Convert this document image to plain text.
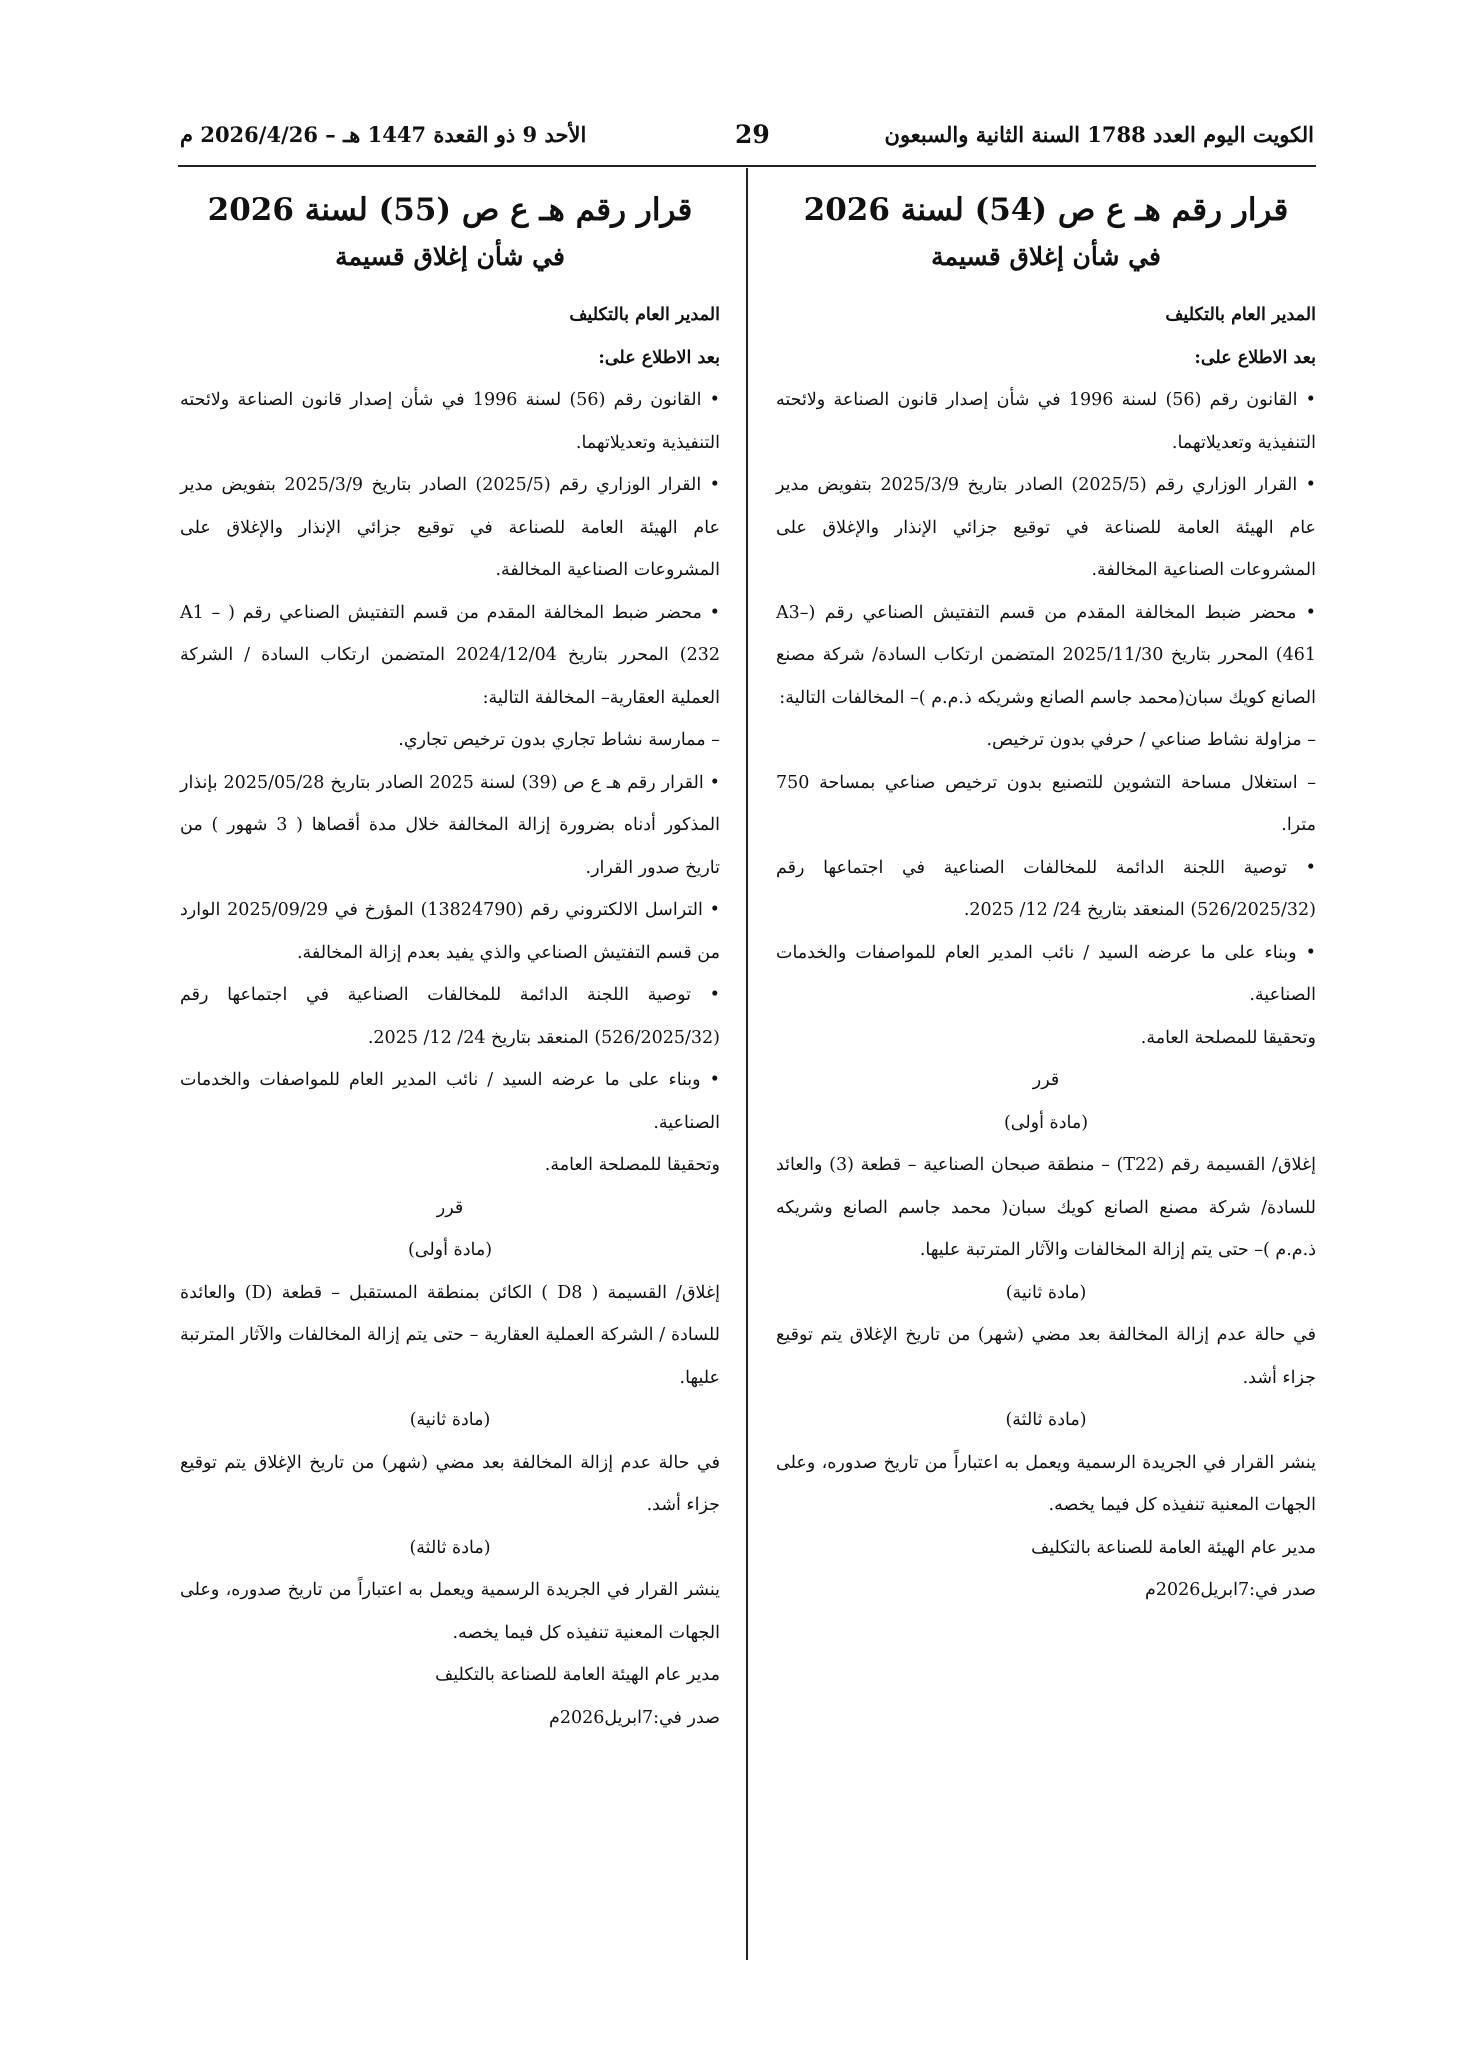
الكويت اليوم العدد 1788 السنة الثانية والسبعون
29
الأحد 9 ذو القعدة 1447 هـ – 2026/4/26 م
قرار رقم هـ ع ص (54) لسنة 2026
في شأن إغلاق قسيمة

المدير العام بالتكليف

بعد الاطلاع على:

• القانون رقم (56) لسنة 1996 في شأن إصدار قانون الصناعة ولائحته التنفيذية وتعديلاتهما.

• القرار الوزاري رقم (2025/5) الصادر بتاريخ 2025/3/9 بتفويض مدير عام الهيئة العامة للصناعة في توقيع جزائي الإنذار والإغلاق على المشروعات الصناعية المخالفة.

• محضر ضبط المخالفة المقدم من قسم التفتيش الصناعي رقم (A3–461) المحرر بتاريخ 2025/11/30 المتضمن ارتكاب السادة/ شركة مصنع الصانع كويك سبان(محمد جاسم الصانع وشريكه ذ.م.م )– المخالفات التالية:

– مزاولة نشاط صناعي / حرفي بدون ترخيص.

– استغلال مساحة التشوين للتصنيع بدون ترخيص صناعي بمساحة 750 مترا.

• توصية اللجنة الدائمة للمخالفات الصناعية في اجتماعها رقم (526/2025/32) المنعقد بتاريخ 24/ 12/ 2025.

• وبناء على ما عرضه السيد / نائب المدير العام للمواصفات والخدمات الصناعية.

وتحقيقا للمصلحة العامة.

قرر

(مادة أولى)

إغلاق/ القسيمة رقم (T22) – منطقة صبحان الصناعية – قطعة (3) والعائد للسادة/ شركة مصنع الصانع كويك سبان( محمد جاسم الصانع وشريكه ذ.م.م )– حتى يتم إزالة المخالفات والآثار المترتبة عليها.

(مادة ثانية)

في حالة عدم إزالة المخالفة بعد مضي (شهر) من تاريخ الإغلاق يتم توقيع جزاء أشد.

(مادة ثالثة)

ينشر القرار في الجريدة الرسمية ويعمل به اعتباراً من تاريخ صدوره، وعلى الجهات المعنية تنفيذه كل فيما يخصه.

مدير عام الهيئة العامة للصناعة بالتكليف

صدر في:7ابريل2026م

قرار رقم هـ ع ص (55) لسنة 2026
في شأن إغلاق قسيمة

المدير العام بالتكليف

بعد الاطلاع على:

• القانون رقم (56) لسنة 1996 في شأن إصدار قانون الصناعة ولائحته التنفيذية وتعديلاتهما.

• القرار الوزاري رقم (2025/5) الصادر بتاريخ 2025/3/9 بتفويض مدير عام الهيئة العامة للصناعة في توقيع جزائي الإنذار والإغلاق على المشروعات الصناعية المخالفة.

• محضر ضبط المخالفة المقدم من قسم التفتيش الصناعي رقم ( A1 –232) المحرر بتاريخ 2024/12/04 المتضمن ارتكاب السادة / الشركة العملية العقارية– المخالفة التالية:

– ممارسة نشاط تجاري بدون ترخيص تجاري.

• القرار رقم هـ ع ص (39) لسنة 2025 الصادر بتاريخ 2025/05/28 بإنذار المذكور أدناه بضرورة إزالة المخالفة خلال مدة أقصاها ( 3 شهور ) من تاريخ صدور القرار.

• التراسل الالكتروني رقم (13824790) المؤرخ في 2025/09/29 الوارد من قسم التفتيش الصناعي والذي يفيد بعدم إزالة المخالفة.

• توصية اللجنة الدائمة للمخالفات الصناعية في اجتماعها رقم (526/2025/32) المنعقد بتاريخ 24/ 12/ 2025.

• وبناء على ما عرضه السيد / نائب المدير العام للمواصفات والخدمات الصناعية.

وتحقيقا للمصلحة العامة.

قرر

(مادة أولى)

إغلاق/ القسيمة ( D8 ) الكائن بمنطقة المستقبل – قطعة (D) والعائدة للسادة / الشركة العملية العقارية – حتى يتم إزالة المخالفات والآثار المترتبة عليها.

(مادة ثانية)

في حالة عدم إزالة المخالفة بعد مضي (شهر) من تاريخ الإغلاق يتم توقيع جزاء أشد.

(مادة ثالثة)

ينشر القرار في الجريدة الرسمية ويعمل به اعتباراً من تاريخ صدوره، وعلى الجهات المعنية تنفيذه كل فيما يخصه.

مدير عام الهيئة العامة للصناعة بالتكليف

صدر في:7ابريل2026م
